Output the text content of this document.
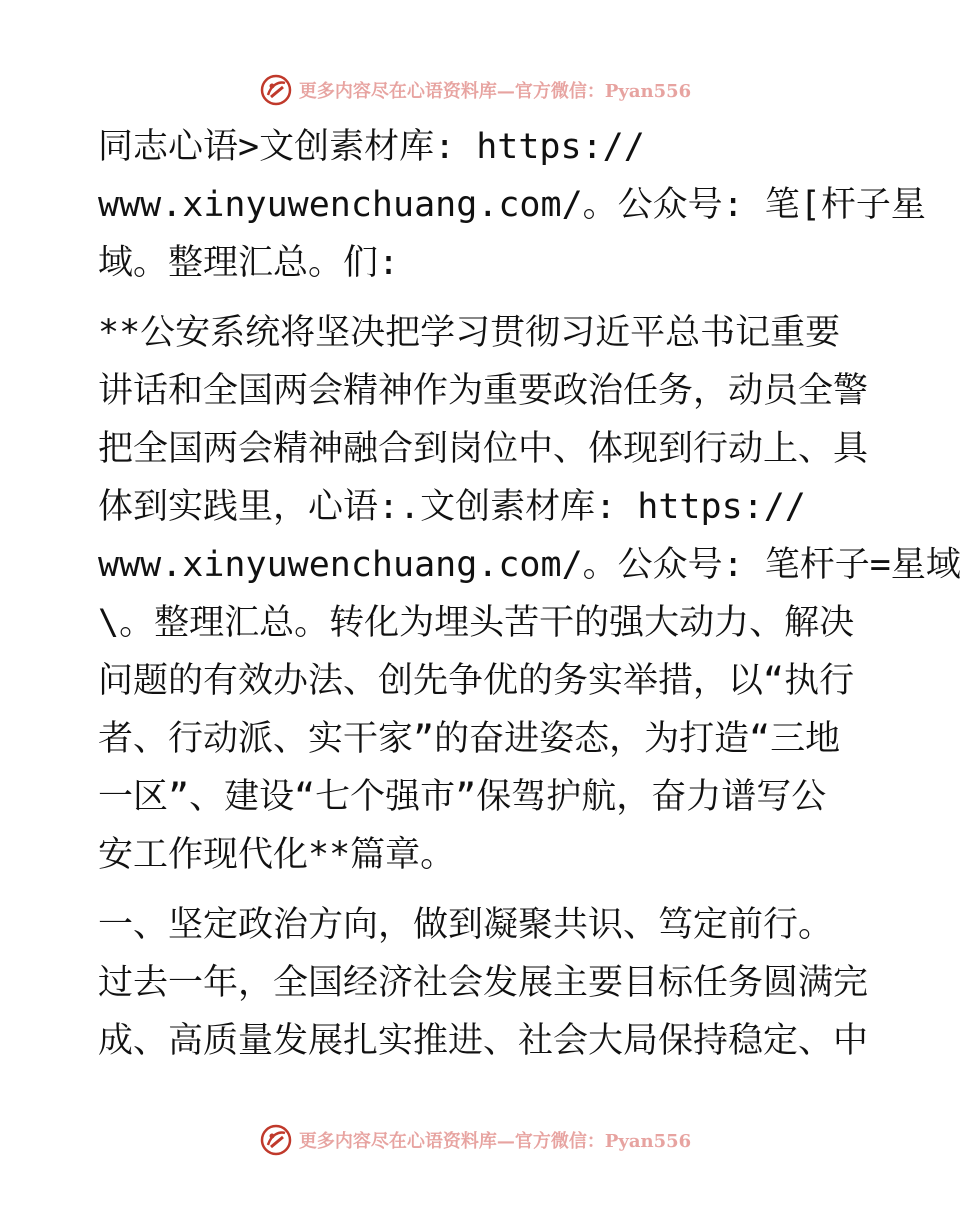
更多内容尽在心语资料库—官方微信：Pyan556
同志心语>文创素材库: https://
www.xinyuwenchuang.com/。公众号: 笔[杆子星
域。整理汇总。们:
**公安系统将坚决把学习贯彻习近平总书记重要
讲话和全国两会精神作为重要政治任务，动员全警
把全国两会精神融合到岗位中、体现到行动上、具
体到实践里，心语:.文创素材库: https://
www.xinyuwenchuang.com/。公众号: 笔杆子=星域
\。整理汇总。转化为埋头苦干的强大动力、解决
问题的有效办法、创先争优的务实举措，以“执行
者、行动派、实干家”的奋进姿态，为打造“三地
一区”、建设“七个强市”保驾护航，奋力谱写公
安工作现代化**篇章。
一、坚定政治方向，做到凝聚共识、笃定前行。
过去一年，全国经济社会发展主要目标任务圆满完
成、高质量发展扎实推进、社会大局保持稳定、中
更多内容尽在心语资料库—官方微信：Pyan556
